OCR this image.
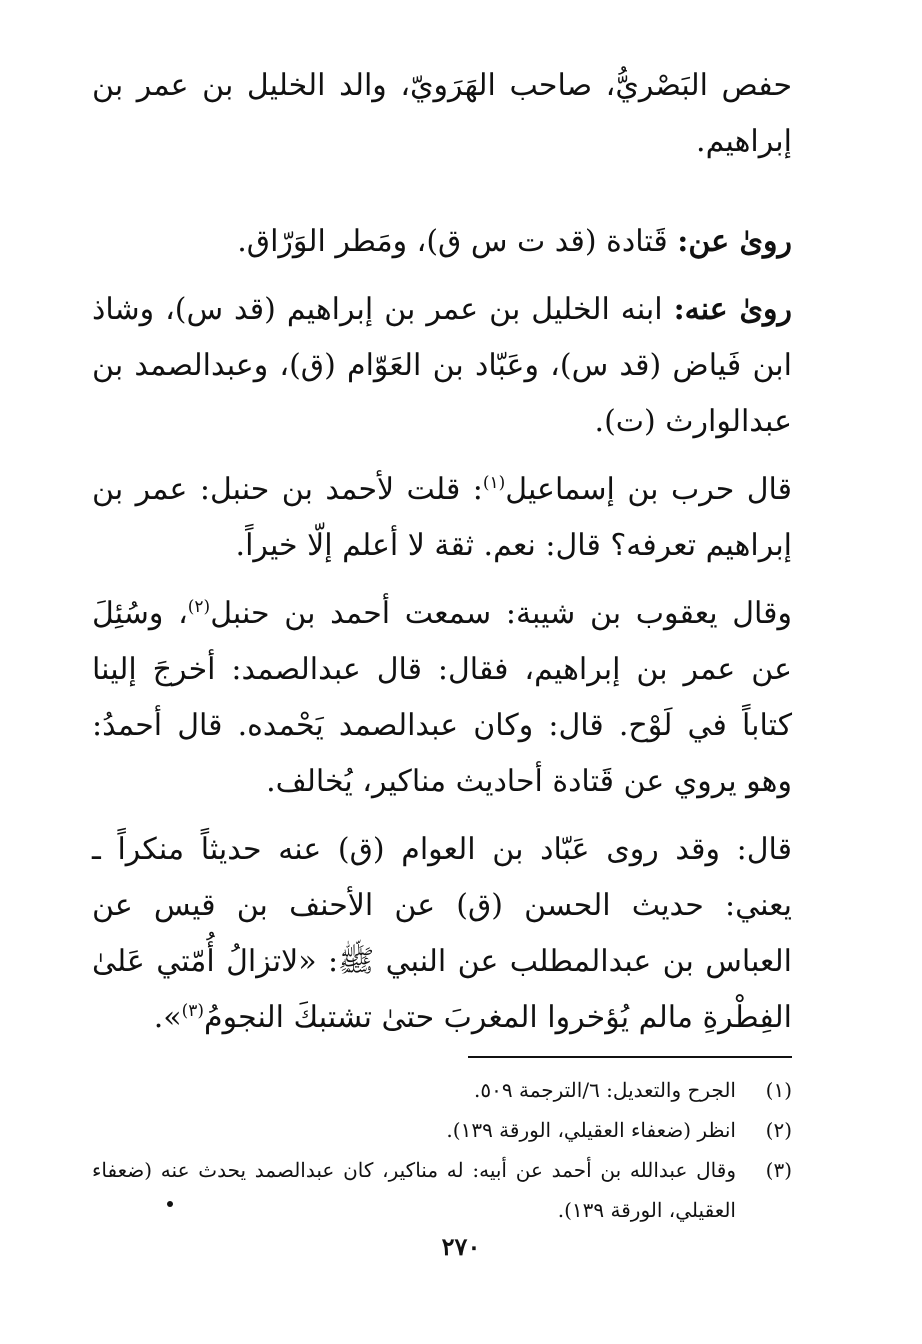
حفص البَصْريُّ، صاحب الهَرَويّ، والد الخليل بن عمر بن إبراهيم.

رویٰ عن: قَتادة (قد ت س ق)، ومَطر الوَرّاق.

رویٰ عنه: ابنه الخليل بن عمر بن إبراهيم (قد س)، وشاذ ابن فَياض (قد س)، وعَبّاد بن العَوّام (ق)، وعبدالصمد بن عبدالوارث (ت).

قال حرب بن إسماعيل$^{(١)}$: قلت لأحمد بن حنبل: عمر بن إبراهيم تعرفه؟ قال: نعم. ثقة لا أعلم إلّا خيراً.

وقال يعقوب بن شيبة: سمعت أحمد بن حنبل$^{(٢)}$، وسُئِلَ عن عمر بن إبراهيم، فقال: قال عبدالصمد: أخرجَ إلينا كتاباً في لَوْح. قال: وكان عبدالصمد يَحْمده. قال أحمدُ: وهو يروي عن قَتادة أحاديث مناكير، يُخالف.

قال: وقد روى عَبّاد بن العوام (ق) عنه حديثاً منكراً ـ يعني: حديث الحسن (ق) عن الأحنف بن قيس عن العباس بن عبدالمطلب عن النبي ﷺ: «لاتزالُ أُمّتي عَلىٰ الفِطْرةِ مالم يُؤخروا المغربَ حتىٰ تشتبكَ النجومُ$^{(٣)}$».

(١)
الجرح والتعديل: ٦/الترجمة ٥٠٩.
(٢)
انظر (ضعفاء العقيلي، الورقة ١٣٩).
(٣)
وقال عبدالله بن أحمد عن أبيه: له مناكير، كان عبدالصمد يحدث عنه (ضعفاء العقيلي، الورقة ١٣٩).
٢٧٠
